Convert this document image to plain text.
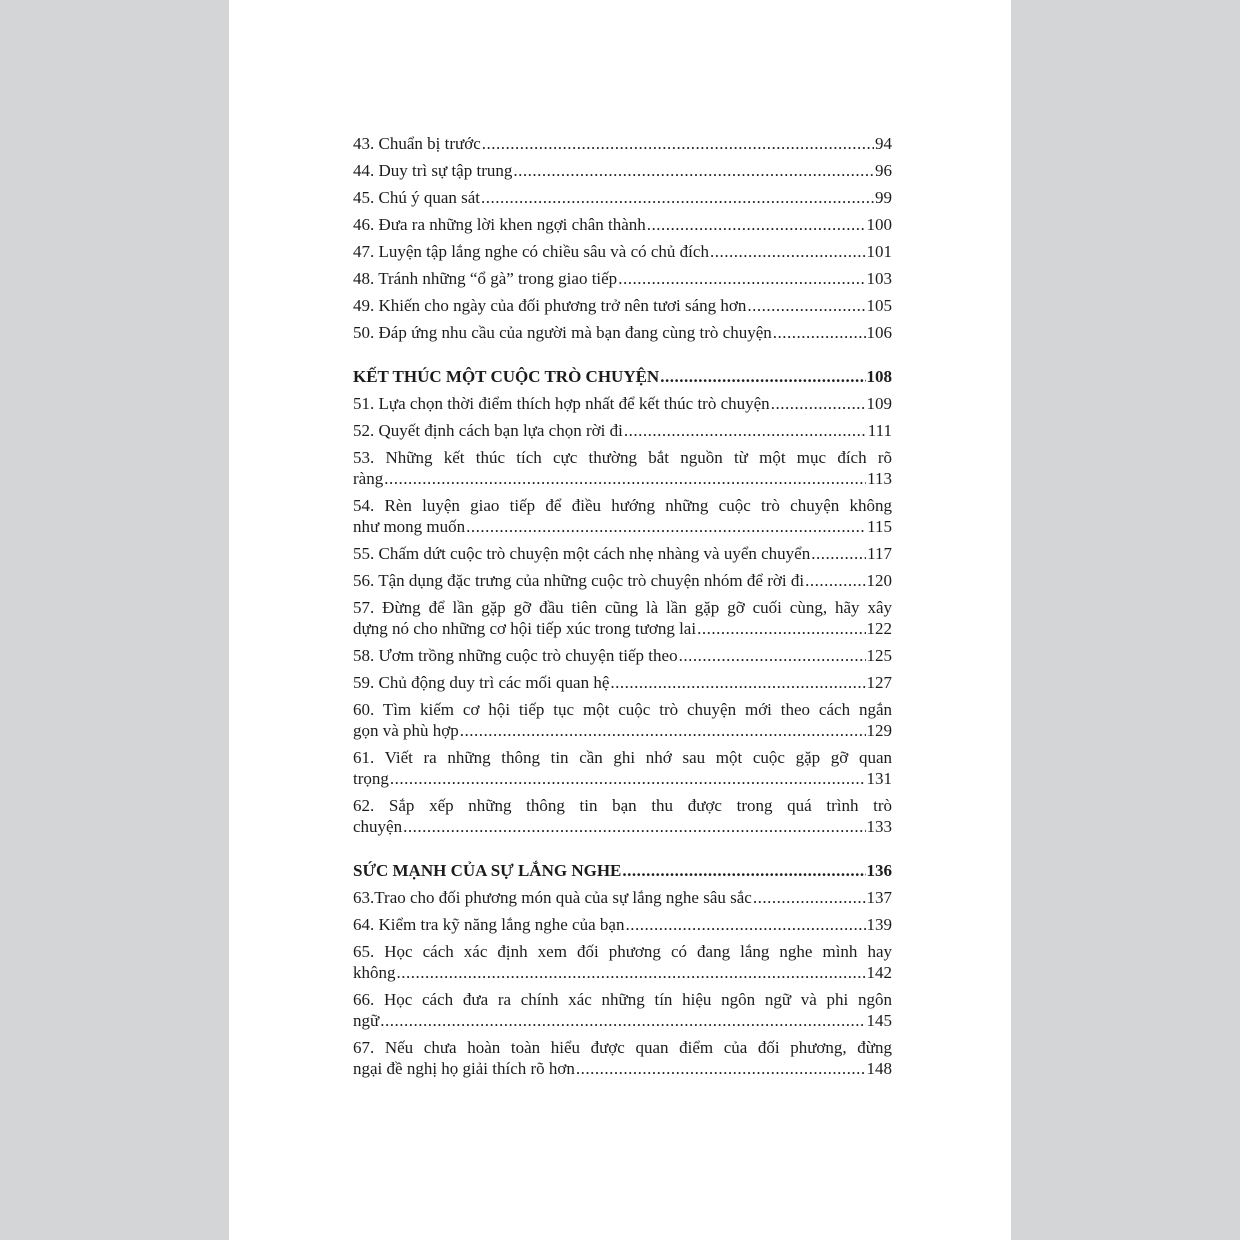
43. Chuẩn bị trước .....	94
44. Duy trì sự tập trung .....	96
45. Chú ý quan sát .....	99
46. Đưa ra những lời khen ngợi chân thành .....	100
47. Luyện tập lắng nghe có chiều sâu và có chủ đích .....	101
48. Tránh những “ổ gà” trong giao tiếp .....	103
49. Khiến cho ngày của đối phương trở nên tươi sáng hơn .....	105
50. Đáp ứng nhu cầu của người mà bạn đang cùng trò chuyện .....	106
KẾT THÚC MỘT CUỘC TRÒ CHUYỆN .....	108
51. Lựa chọn thời điểm thích hợp nhất để kết thúc trò chuyện .....	109
52. Quyết định cách bạn lựa chọn rời đi .....	111
53. Những kết thúc tích cực thường bắt nguồn từ một mục đích rõ
ràng .....	113
54. Rèn luyện giao tiếp để điều hướng những cuộc trò chuyện không
như mong muốn .....	115
55. Chấm dứt cuộc trò chuyện một cách nhẹ nhàng và uyển chuyển .....	117
56. Tận dụng đặc trưng của những cuộc trò chuyện nhóm để rời đi .....	120
57. Đừng để lần gặp gỡ đầu tiên cũng là lần gặp gỡ cuối cùng, hãy xây
dựng nó cho những cơ hội tiếp xúc trong tương lai .....	122
58. Ươm trồng những cuộc trò chuyện tiếp theo .....	125
59. Chủ động duy trì các mối quan hệ .....	127
60. Tìm kiếm cơ hội tiếp tục một cuộc trò chuyện mới theo cách ngắn
gọn và phù hợp .....	129
61. Viết ra những thông tin cần ghi nhớ sau một cuộc gặp gỡ quan
trọng .....	131
62. Sắp xếp những thông tin bạn thu được trong quá trình trò
chuyện .....	133
SỨC MẠNH CỦA SỰ LẮNG NGHE .....	136
63.Trao cho đối phương món quà của sự lắng nghe sâu sắc .....	137
64. Kiểm tra kỹ năng lắng nghe của bạn .....	139
65. Học cách xác định xem đối phương có đang lắng nghe mình hay
không .....	142
66. Học cách đưa ra chính xác những tín hiệu ngôn ngữ và phi ngôn
ngữ .....	145
67. Nếu chưa hoàn toàn hiểu được quan điểm của đối phương, đừng
ngại đề nghị họ giải thích rõ hơn .....	148
